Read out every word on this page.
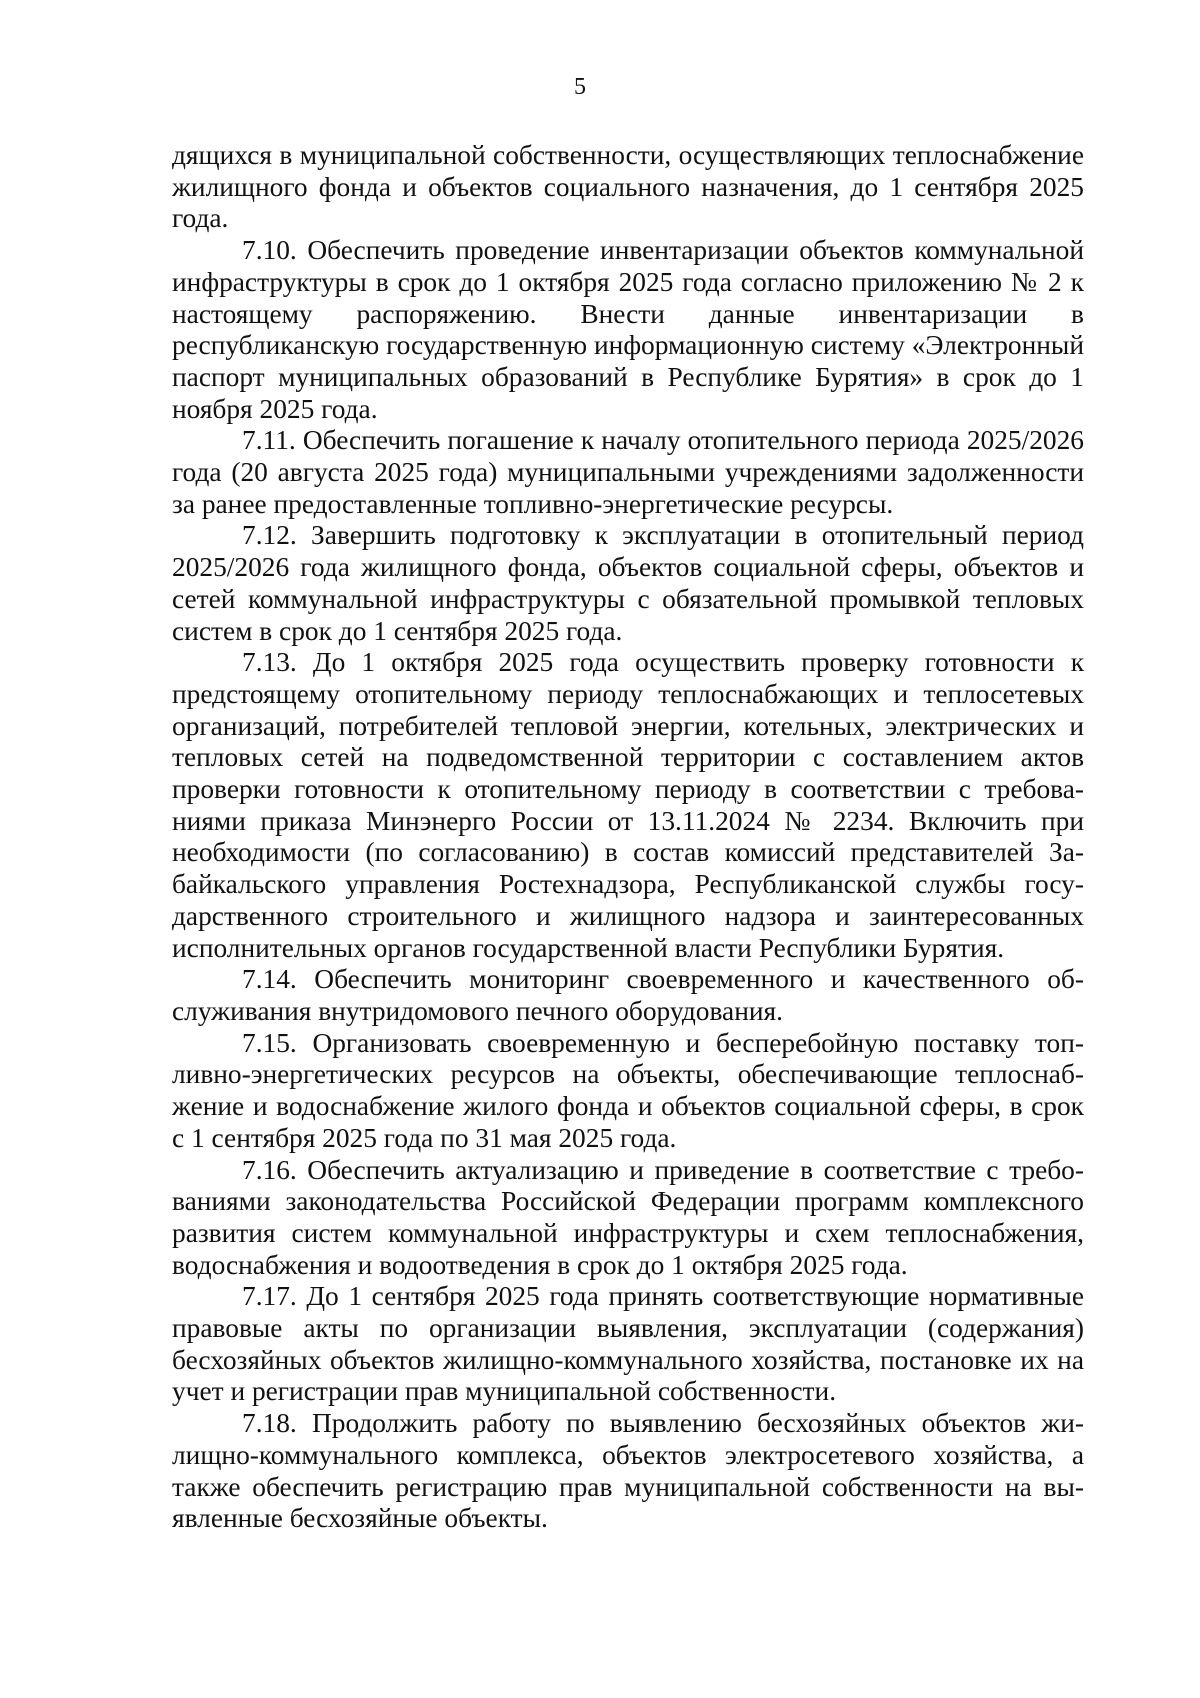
5

дящихся в муниципальной собственности, осуществляющих теплоснабжение жилищного фонда и объектов социального назначения, до 1 сентября 2025 года.

7.10. Обеспечить проведение инвентаризации объектов коммунальной инфраструктуры в срок до 1 октября 2025 года согласно приложению № 2 к настоящему распоряжению. Внести данные инвентаризации в республиканскую государственную информационную систему «Электронный паспорт муниципальных образований в Республике Бурятия» в срок до 1 ноября 2025 года.

7.11. Обеспечить погашение к началу отопительного периода 2025/2026 года (20 августа 2025 года) муниципальными учреждениями задолженности за ранее предоставленные топливно-энергетические ресурсы.

7.12. Завершить подготовку к эксплуатации в отопительный период 2025/2026 года жилищного фонда, объектов социальной сферы, объектов и сетей коммунальной инфраструктуры с обязательной промывкой тепловых систем в срок до 1 сентября 2025 года.

7.13. До 1 октября 2025 года осуществить проверку готовности к предстоящему отопительному периоду теплоснабжающих и теплосетевых организаций, потребителей тепловой энергии, котельных, электрических и тепловых сетей на подведомственной территории с составлением актов проверки готовности к отопительному периоду в соответствии с требованиями приказа Минэнерго России от 13.11.2024 № 2234. Включить при необходимости (по согласованию) в состав комиссий представителей Забайкальского управления Ростехнадзора, Республиканской службы государственного строительного и жилищного надзора и заинтересованных исполнительных органов государственной власти Республики Бурятия.

7.14. Обеспечить мониторинг своевременного и качественного обслуживания внутридомового печного оборудования.

7.15. Организовать своевременную и бесперебойную поставку топливно-энергетических ресурсов на объекты, обеспечивающие теплоснабжение и водоснабжение жилого фонда и объектов социальной сферы, в срок с 1 сентября 2025 года по 31 мая 2025 года.

7.16. Обеспечить актуализацию и приведение в соответствие с требованиями законодательства Российской Федерации программ комплексного развития систем коммунальной инфраструктуры и схем теплоснабжения, водоснабжения и водоотведения в срок до 1 октября 2025 года.

7.17. До 1 сентября 2025 года принять соответствующие нормативные правовые акты по организации выявления, эксплуатации (содержания) бесхозяйных объектов жилищно-коммунального хозяйства, постановке их на учет и регистрации прав муниципальной собственности.

7.18. Продолжить работу по выявлению бесхозяйных объектов жилищно-коммунального комплекса, объектов электросетевого хозяйства, а также обеспечить регистрацию прав муниципальной собственности на выявленные бесхозяйные объекты.
